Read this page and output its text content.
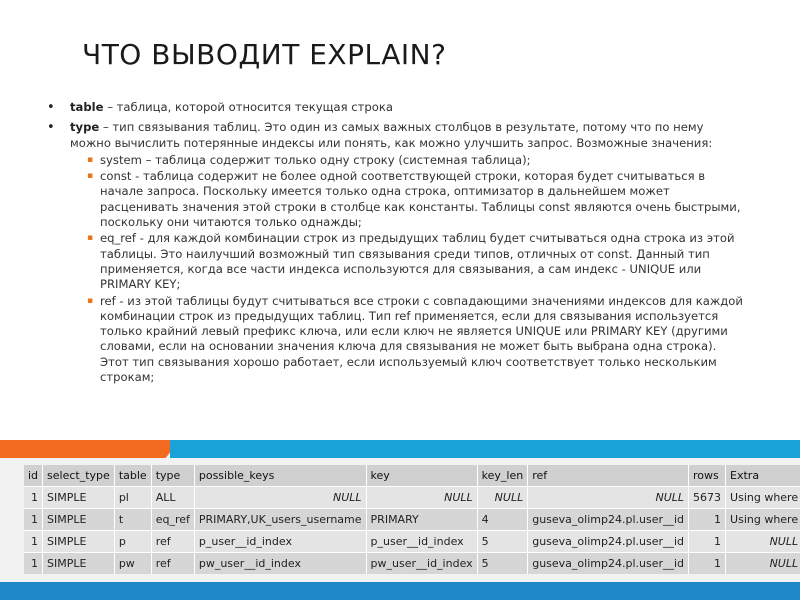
ЧТО ВЫВОДИТ EXPLAIN?
• table – таблица, которой относится текущая строка
• type – тип связывания таблиц. Это один из самых важных столбцов в результате, потому что по нему можно вычислить потерянные индексы или понять, как можно улучшить запрос. Возможные значения:
▪ system – таблица содержит только одну строку (системная таблица);
▪ const - таблица содержит не более одной соответствующей строки, которая будет считываться в начале запроса. Поскольку имеется только одна строка, оптимизатор в дальнейшем может расценивать значения этой строки в столбце как константы. Таблицы const являются очень быстрыми, поскольку они читаются только однажды;
▪ eq_ref - для каждой комбинации строк из предыдущих таблиц будет считываться одна строка из этой таблицы. Это наилучший возможный тип связывания среди типов, отличных от const. Данный тип применяется, когда все части индекса используются для связывания, а сам индекс - UNIQUE или PRIMARY KEY;
▪ ref - из этой таблицы будут считываться все строки с совпадающими значениями индексов для каждой комбинации строк из предыдущих таблиц. Тип ref применяется, если для связывания используется только крайний левый префикс ключа, или если ключ не является UNIQUE или PRIMARY KEY (другими словами, если на основании значения ключа для связывания не может быть выбрана одна строка). Этот тип связывания хорошо работает, если используемый ключ соответствует только нескольким строкам;
id	select_type	table	type	possible_keys	key	key_len	ref	rows	Extra
1	SIMPLE	pl	ALL	NULL	NULL	NULL	NULL	5673	Using where
1	SIMPLE	t	eq_ref	PRIMARY,UK_users_username	PRIMARY	4	guseva_olimp24.pl.user__id	1	Using where
1	SIMPLE	p	ref	p_user__id_index	p_user__id_index	5	guseva_olimp24.pl.user__id	1	NULL
1	SIMPLE	pw	ref	pw_user__id_index	pw_user__id_index	5	guseva_olimp24.pl.user__id	1	NULL
